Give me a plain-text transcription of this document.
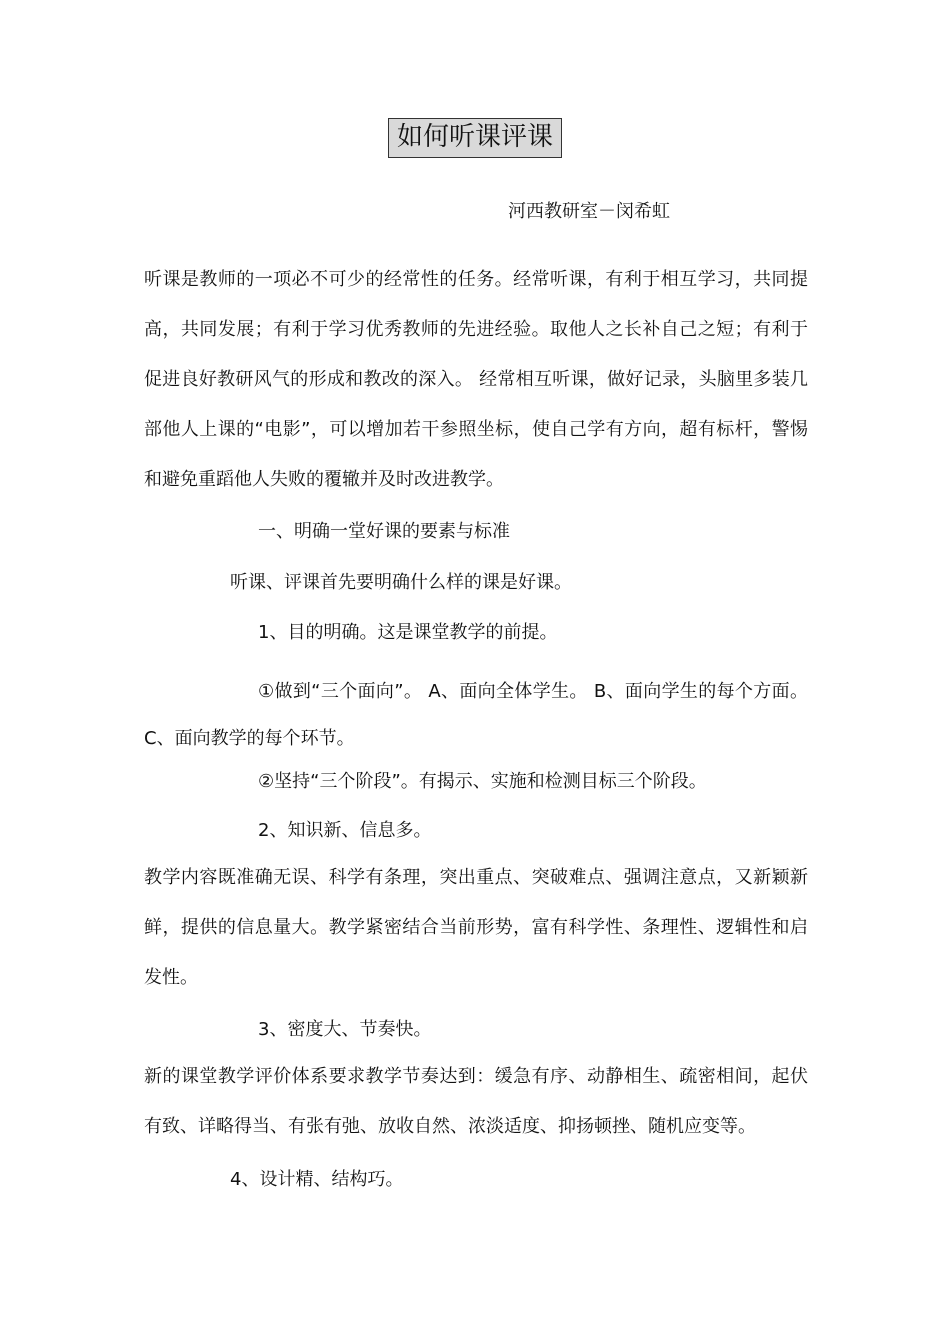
如何听课评课
河西教研室－闵希虹
听课是教师的一项必不可少的经常性的任务。经常听课，有利于相互学习，共同提高，共同发展；有利于学习优秀教师的先进经验。取他人之长补自己之短；有利于促进良好教研风气的形成和教改的深入。 经常相互听课，做好记录，头脑里多装几部他人上课的“电影”，可以增加若干参照坐标，使自己学有方向，超有标杆，警惕和避免重蹈他人失败的覆辙并及时改进教学。
一、明确一堂好课的要素与标准
听课、评课首先要明确什么样的课是好课。
1、目的明确。这是课堂教学的前提。
①做到“三个面向”。 A、面向全体学生。 B、面向学生的每个方面。C、面向教学的每个环节。
②坚持“三个阶段”。有揭示、实施和检测目标三个阶段。
2、知识新、信息多。
教学内容既准确无误、科学有条理，突出重点、突破难点、强调注意点，又新颖新鲜，提供的信息量大。教学紧密结合当前形势，富有科学性、条理性、逻辑性和启发性。
3、密度大、节奏快。
新的课堂教学评价体系要求教学节奏达到：缓急有序、动静相生、疏密相间，起伏有致、详略得当、有张有弛、放收自然、浓淡适度、抑扬顿挫、随机应变等。
4、设计精、结构巧。
